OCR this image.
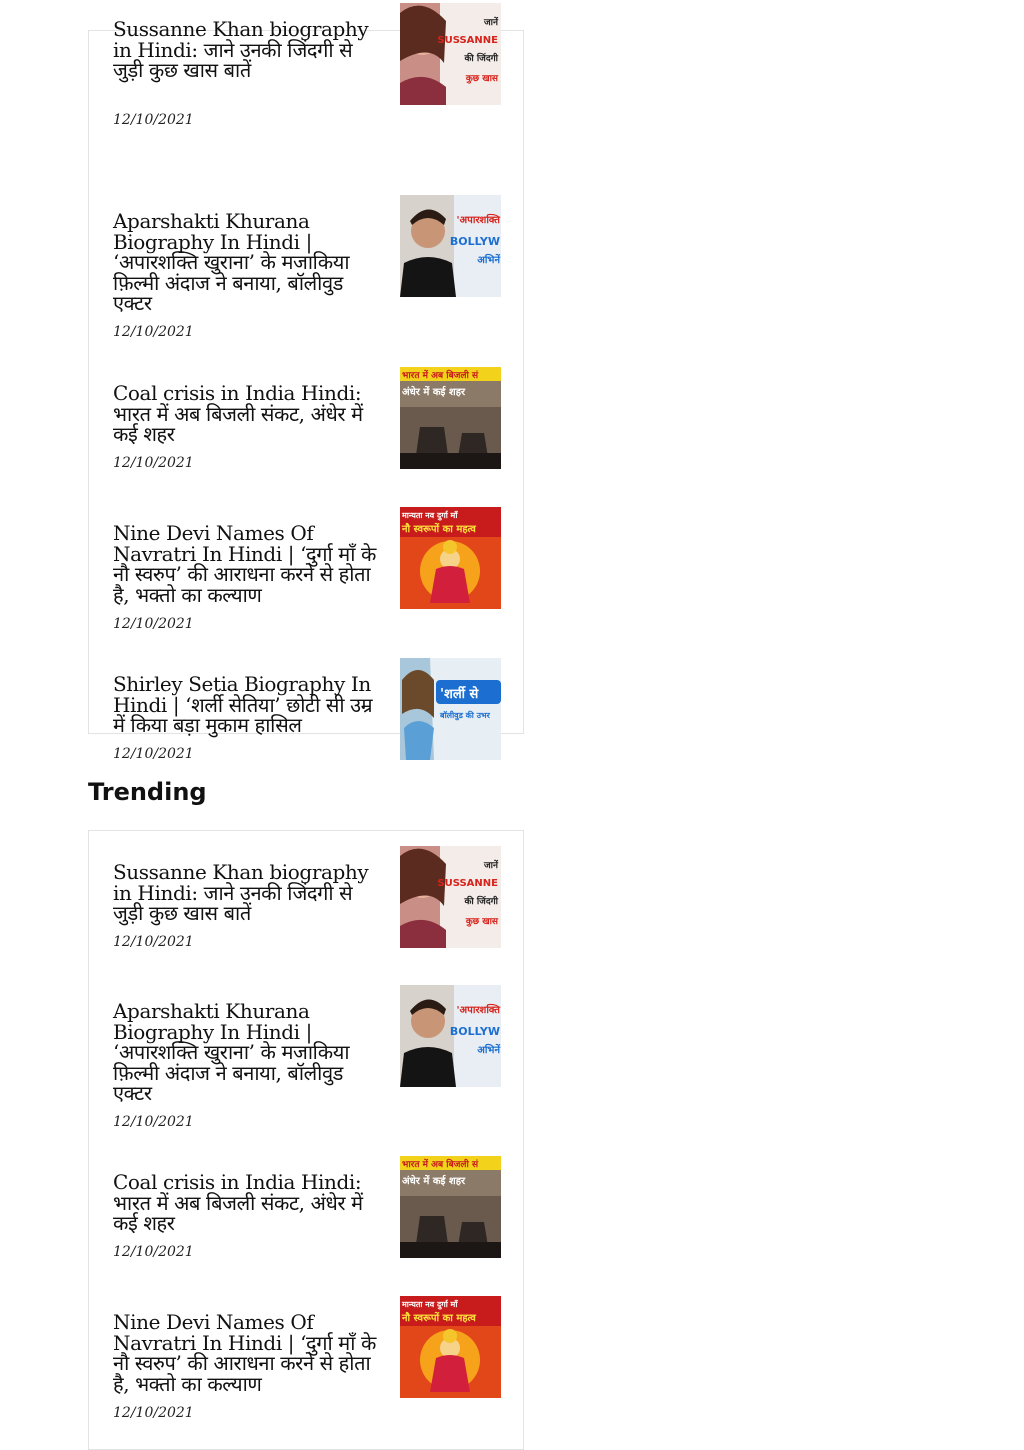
Sussanne Khan biography in Hindi: जाने उनकी जिंदगी से जुड़ी कुछ खास बातें
12/10/2021
जानें
SUSSANNE
की जिंदगी
कुछ खास
Aparshakti Khurana Biography In Hindi | ‘अपारशक्ति खुराना’ के मजाकिया फ़िल्मी अंदाज ने बनाया, बॉलीवुड एक्टर
12/10/2021
'अपारशक्ति
BOLLYW
अभिनें
Coal crisis in India Hindi: भारत में अब बिजली संकट, अंधेर में कई शहर
12/10/2021
भारत में अब बिजली सं
अंधेर में कई शहर
Nine Devi Names Of Navratri In Hindi | ‘दुर्गा माँ के नौ स्वरुप’ की आराधना करने से होता है, भक्तो का कल्याण
12/10/2021
मान्यता नव दुर्गा माँ
नौ स्वरूपों का महत्व
Shirley Setia Biography In Hindi | ‘शर्ली सेतिया’ छोटी सी उम्र में किया बड़ा मुकाम हासिल
12/10/2021
'शर्ली से
बॉलीवुड की उभर
Trending
Sussanne Khan biography in Hindi: जाने उनकी जिंदगी से जुड़ी कुछ खास बातें
12/10/2021
जानें
SUSSANNE
की जिंदगी
कुछ खास
Aparshakti Khurana Biography In Hindi | ‘अपारशक्ति खुराना’ के मजाकिया फ़िल्मी अंदाज ने बनाया, बॉलीवुड एक्टर
12/10/2021
'अपारशक्ति
BOLLYW
अभिनें
Coal crisis in India Hindi: भारत में अब बिजली संकट, अंधेर में कई शहर
12/10/2021
भारत में अब बिजली सं
अंधेर में कई शहर
Nine Devi Names Of Navratri In Hindi | ‘दुर्गा माँ के नौ स्वरुप’ की आराधना करने से होता है, भक्तो का कल्याण
12/10/2021
मान्यता नव दुर्गा माँ
नौ स्वरूपों का महत्व
